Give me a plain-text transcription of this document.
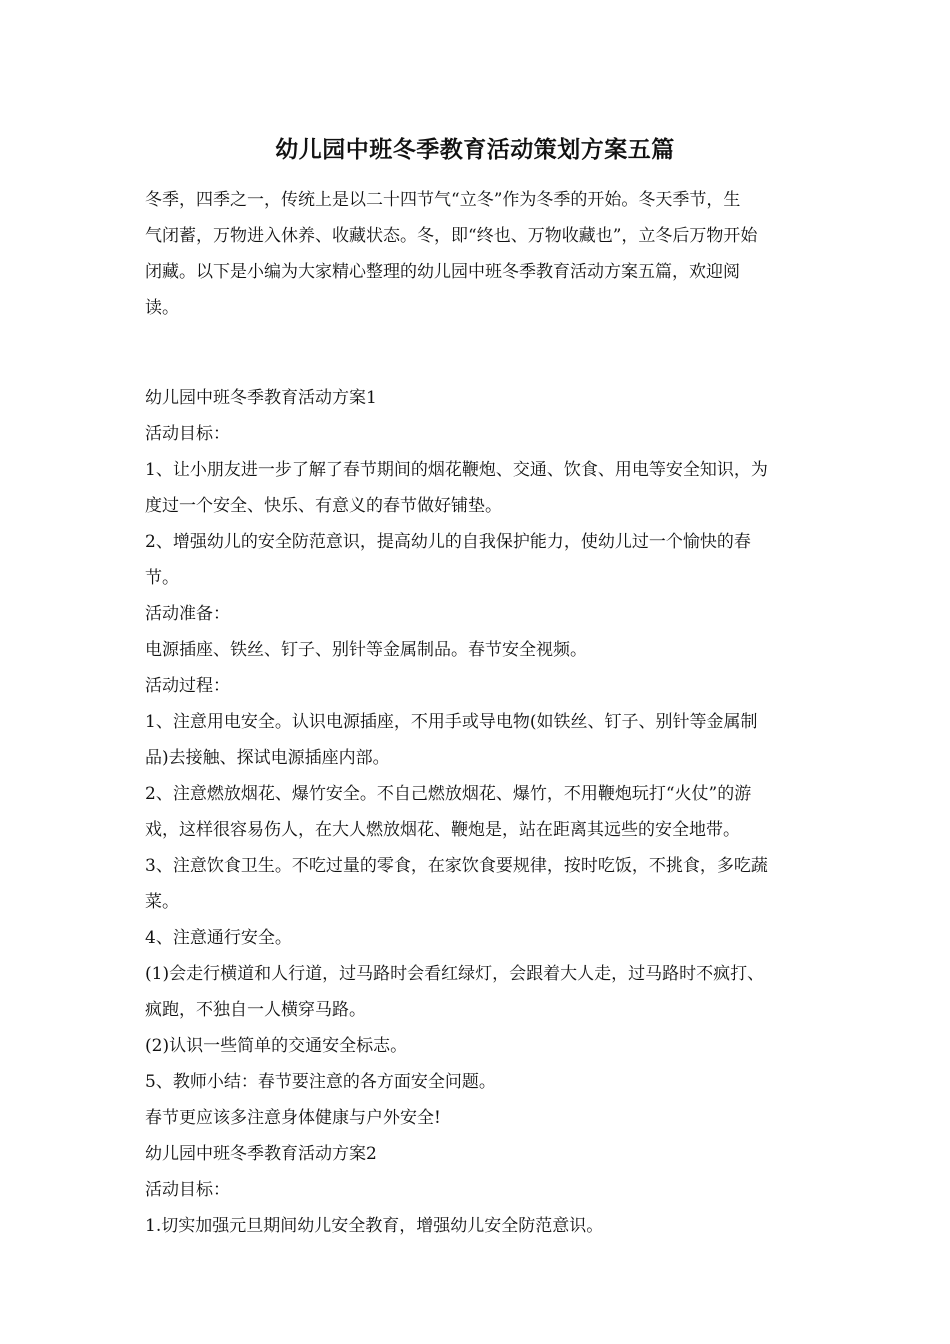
幼儿园中班冬季教育活动策划方案五篇
冬季，四季之一，传统上是以二十四节气“立冬”作为冬季的开始。冬天季节，生
气闭蓄，万物进入休养、收藏状态。冬，即“终也、万物收藏也”，立冬后万物开始
闭藏。以下是小编为大家精心整理的幼儿园中班冬季教育活动方案五篇，欢迎阅
读。
幼儿园中班冬季教育活动方案1
活动目标：
1、让小朋友进一步了解了春节期间的烟花鞭炮、交通、饮食、用电等安全知识，为
度过一个安全、快乐、有意义的春节做好铺垫。
2、增强幼儿的安全防范意识，提高幼儿的自我保护能力，使幼儿过一个愉快的春
节。
活动准备：
电源插座、铁丝、钉子、别针等金属制品。春节安全视频。
活动过程：
1、注意用电安全。认识电源插座，不用手或导电物(如铁丝、钉子、别针等金属制
品)去接触、探试电源插座内部。
2、注意燃放烟花、爆竹安全。不自己燃放烟花、爆竹，不用鞭炮玩打“火仗”的游
戏，这样很容易伤人，在大人燃放烟花、鞭炮是，站在距离其远些的安全地带。
3、注意饮食卫生。不吃过量的零食，在家饮食要规律，按时吃饭，不挑食，多吃蔬
菜。
4、注意通行安全。
(1)会走行横道和人行道，过马路时会看红绿灯，会跟着大人走，过马路时不疯打、
疯跑，不独自一人横穿马路。
(2)认识一些简单的交通安全标志。
5、教师小结：春节要注意的各方面安全问题。
春节更应该多注意身体健康与户外安全!
幼儿园中班冬季教育活动方案2
活动目标：
1.切实加强元旦期间幼儿安全教育，增强幼儿安全防范意识。
